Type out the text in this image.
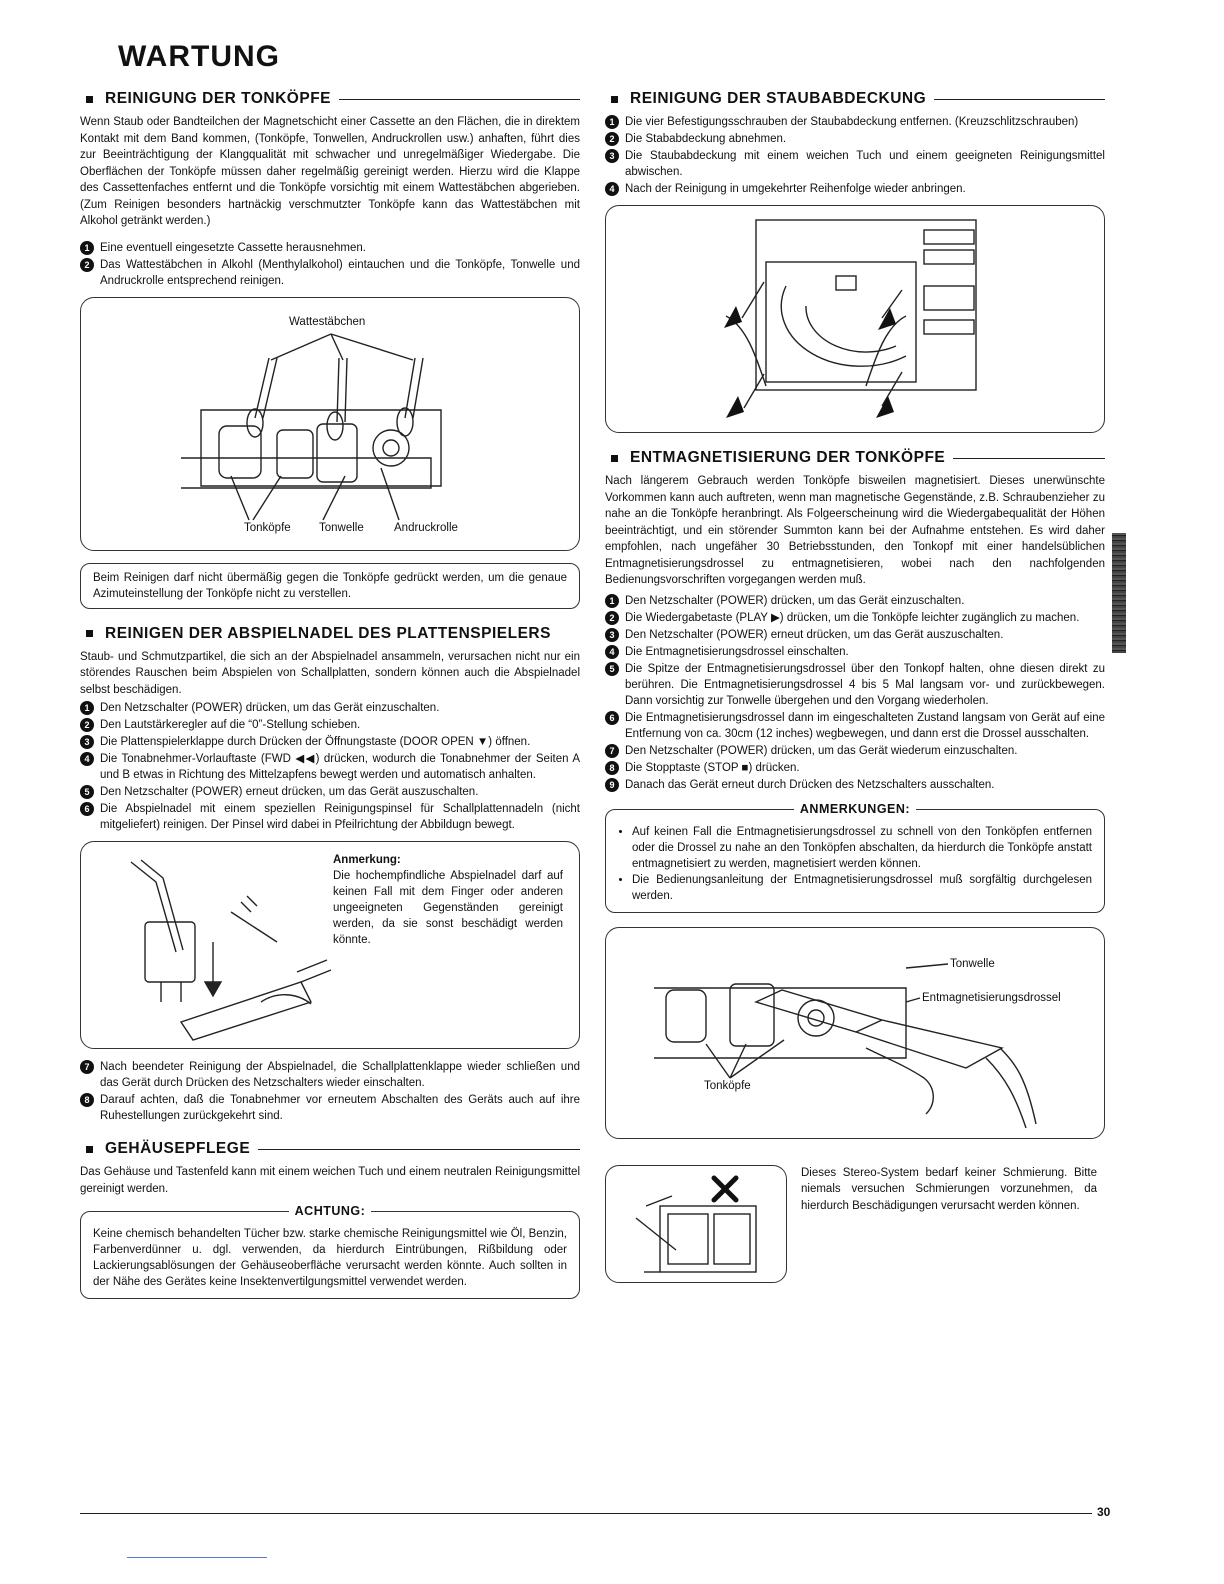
WARTUNG
REINIGUNG DER TONKÖPFE

Wenn Staub oder Bandteilchen der Magnetschicht einer Cassette an den Flächen, die in direktem Kontakt mit dem Band kommen, (Tonköpfe, Tonwellen, Andruckrollen usw.) anhaften, führt dies zur Beeinträchtigung der Klangqualität mit schwacher und unregelmäßiger Wiedergabe. Die Oberflächen der Tonköpfe müssen daher regelmäßig gereinigt werden. Hierzu wird die Klappe des Cassettenfaches entfernt und die Tonköpfe vorsichtig mit einem Wattestäbchen abgerieben. (Zum Reinigen besonders hartnäckig verschmutzter Tonköpfe kann das Wattestäbchen mit Alkohol getränkt werden.)

1 Eine eventuell eingesetzte Cassette herausnehmen.
2 Das Wattestäbchen in Alkohl (Menthylalkohol) eintauchen und die Tonköpfe, Tonwelle und Andruckrolle entsprechend reinigen.
Wattestäbchen
Tonköpfe Tonwelle	Andruckrolle
Beim Reinigen darf nicht übermäßig gegen die Tonköpfe gedrückt werden, um die genaue Azimuteinstellung der Tonköpfe nicht zu verstellen.
REINIGEN DER ABSPIELNADEL DES PLATTENSPIELERS

Staub- und Schmutzpartikel, die sich an der Abspielnadel ansammeln, verursachen nicht nur ein störendes Rauschen beim Abspielen von Schallplatten, sondern können auch die Abspielnadel selbst beschädigen.

1 Den Netzschalter (POWER) drücken, um das Gerät einzuschalten.
2 Den Lautstärkeregler auf die “0”-Stellung schieben.
3 Die Plattenspielerklappe durch Drücken der Öffnungstaste (DOOR OPEN ▼) öffnen.
4 Die Tonabnehmer-Vorlauftaste (FWD ◀◀) drücken, wodurch die Tonabnehmer der Seiten A und B etwas in Richtung des Mittelzapfens bewegt werden und automatisch anhalten.
5 Den Netzschalter (POWER) erneut drücken, um das Gerät auszuschalten.
6 Die Abspielnadel mit einem speziellen Reinigungspinsel für Schallplattennadeln (nicht mitgeliefert) reinigen. Der Pinsel wird dabei in Pfeilrichtung der Abbildugn bewegt.
Anmerkung:
Die hochempfindliche Abspielnadel darf auf keinen Fall mit dem Finger oder anderen ungeeigneten Gegenständen gereinigt werden, da sie sonst beschädigt werden könnte.
7 Nach beendeter Reinigung der Abspielnadel, die Schallplattenklappe wieder schließen und das Gerät durch Drücken des Netzschalters wieder einschalten.
8 Darauf achten, daß die Tonabnehmer vor erneutem Abschalten des Geräts auch auf ihre Ruhestellungen zurückgekehrt sind.
GEHÄUSEPFLEGE

Das Gehäuse und Tastenfeld kann mit einem weichen Tuch und einem neutralen Reinigungsmittel gereinigt werden.

ACHTUNG:
Keine chemisch behandelten Tücher bzw. starke chemische Reinigungsmittel wie Öl, Benzin, Farbenverdünner u. dgl. verwenden, da hierdurch Eintrübungen, Rißbildung oder Lackierungsablösungen der Gehäuseoberfläche verursacht werden könnte. Auch sollten in der Nähe des Gerätes keine Insektenvertilgungsmittel verwendet werden.
REINIGUNG DER STAUBABDECKUNG
1 Die vier Befestigungsschrauben der Staubabdeckung entfernen. (Kreuzschlitzschrauben)
2 Die Stababdeckung abnehmen.
3 Die Staubabdeckung mit einem weichen Tuch und einem geeigneten Reinigungsmittel abwischen.
4 Nach der Reinigung in umgekehrter Reihenfolge wieder anbringen.
ENTMAGNETISIERUNG DER TONKÖPFE

Nach längerem Gebrauch werden Tonköpfe bisweilen magnetisiert. Dieses unerwünschte Vorkommen kann auch auftreten, wenn man magnetische Gegenstände, z.B. Schraubenzieher zu nahe an die Tonköpfe heranbringt. Als Folgeerscheinung wird die Wiedergabequalität der Höhen beeinträchtigt, und ein störender Summton kann bei der Aufnahme entstehen. Es wird daher empfohlen, nach ungefäher 30 Betriebsstunden, den Tonkopf mit einer handelsüblichen Entmagnetisierungsdrossel zu entmagnetisieren, wobei nach den nachfolgenden Bedienungsvorschriften vorgegangen werden muß.

1 Den Netzschalter (POWER) drücken, um das Gerät einzuschalten.
2 Die Wiedergabetaste (PLAY ▶) drücken, um die Tonköpfe leichter zugänglich zu machen.
3 Den Netzschalter (POWER) erneut drücken, um das Gerät auszuschalten.
4 Die Entmagnetisierungsdrossel einschalten.
5 Die Spitze der Entmagnetisierungsdrossel über den Tonkopf halten, ohne diesen direkt zu berühren. Die Entmagnetisierungsdrossel 4 bis 5 Mal langsam vor- und zurückbewegen. Dann vorsichtig zur Tonwelle übergehen und den Vorgang wiederholen.
6 Die Entmagnetisierungsdrossel dann im eingeschalteten Zustand langsam von Gerät auf eine Entfernung von ca. 30cm (12 inches) wegbewegen, und dann erst die Drossel ausschalten.
7 Den Netzschalter (POWER) drücken, um das Gerät wiederum einzuschalten.
8 Die Stopptaste (STOP ■) drücken.
9 Danach das Gerät erneut durch Drücken des Netzschalters ausschalten.
ANMERKUNGEN:
• Auf keinen Fall die Entmagnetisierungsdrossel zu schnell von den Tonköpfen entfernen oder die Drossel zu nahe an den Tonköpfen abschalten, da hierdurch die Tonköpfe anstatt entmagnetisiert zu werden, magnetisiert werden können.
• Die Bedienungsanleitung der Entmagnetisierungsdrossel muß sorgfältig durchgelesen werden.
Tonwelle
Entmagnetisierungsdrossel
Tonköpfe

Dieses Stereo-System bedarf keiner Schmierung. Bitte niemals versuchen Schmierungen vorzunehmen, da hierdurch Beschädigungen verursacht werden können.

30
